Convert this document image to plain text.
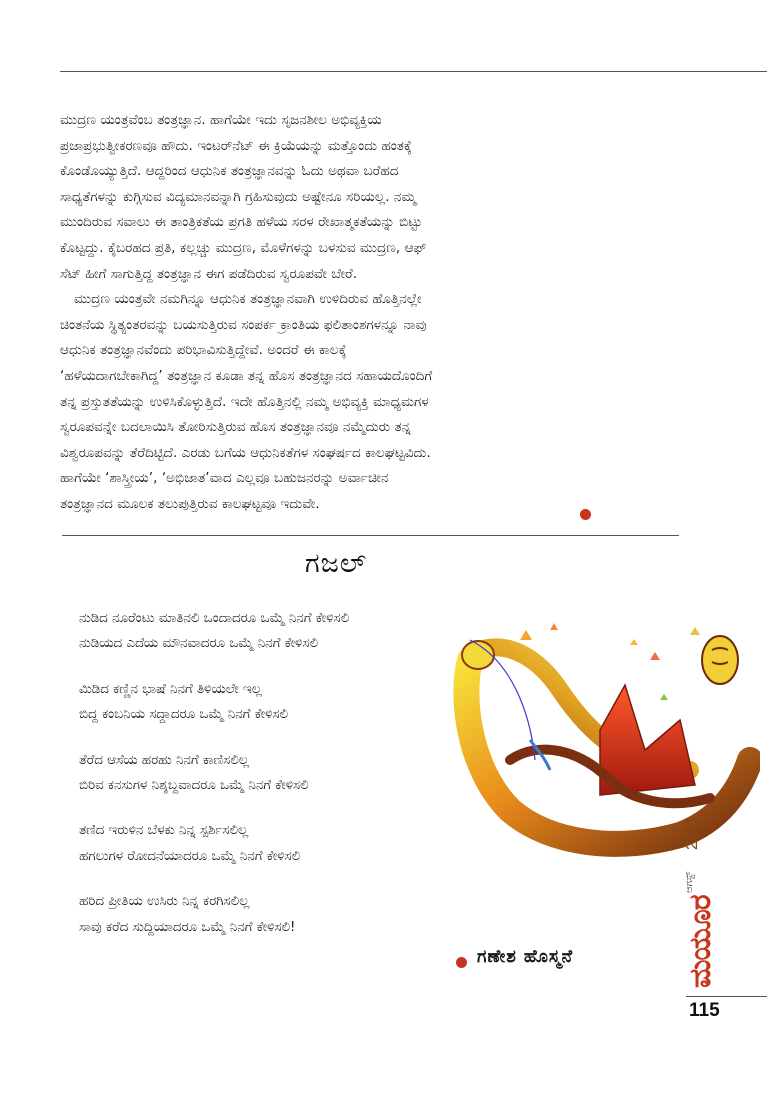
ಮುದ್ರಣ ಯಂತ್ರವೆಂಬ ತಂತ್ರಜ್ಞಾನ. ಹಾಗೆಯೇ ಇದು ಸೃಜನಶೀಲ ಅಭಿವ್ಯಕ್ತಿಯ
ಪ್ರಜಾಪ್ರಭುತ್ವೀಕರಣವೂ ಹೌದು. ಇಂಟರ್‌ನೆಟ್ ಈ ಕ್ರಿಯೆಯನ್ನು ಮತ್ತೊಂದು ಹಂತಕ್ಕೆ
ಕೊಂಡೊಯ್ಯುತ್ತಿದೆ. ಆದ್ದರಿಂದ ಆಧುನಿಕ ತಂತ್ರಜ್ಞಾನವನ್ನು ಓದು ಅಥವಾ ಬರೆಹದ
ಸಾಧ್ಯತೆಗಳನ್ನು ಕುಗ್ಗಿಸುವ ವಿದ್ಯಮಾನವನ್ನಾಗಿ ಗ್ರಹಿಸುವುದು ಅಷ್ಟೇನೂ ಸರಿಯಲ್ಲ. ನಮ್ಮ
ಮುಂದಿರುವ ಸವಾಲು ಈ ತಾಂತ್ರಿಕತೆಯ ಪ್ರಗತಿ ಹಳೆಯ ಸರಳ ರೇಖಾತ್ಮಕತೆಯನ್ನು ಬಿಟ್ಟು
ಕೊಟ್ಟದ್ದು. ಕೈಬರಹದ ಪ್ರತಿ, ಕಲ್ಲಚ್ಚು ಮುದ್ರಣ, ಮೊಳೆಗಳನ್ನು ಬಳಸುವ ಮುದ್ರಣ, ಆಫ್
ಸೆಟ್ ಹೀಗೆ ಸಾಗುತ್ತಿದ್ದ ತಂತ್ರಜ್ಞಾನ ಈಗ ಪಡೆದಿರುವ ಸ್ವರೂಪವೇ ಬೇರೆ.
ಮುದ್ರಣ ಯಂತ್ರವೇ ನಮಗಿನ್ನೂ ಆಧುನಿಕ ತಂತ್ರಜ್ಞಾನವಾಗಿ ಉಳಿದಿರುವ ಹೊತ್ತಿನಲ್ಲೇ
ಚಿಂತನೆಯ ಸ್ಥಿತ್ಯಂತರವನ್ನು ಬಯಸುತ್ತಿರುವ ಸಂಪರ್ಕ ಕ್ರಾಂತಿಯ ಫಲಿತಾಂಶಗಳನ್ನೂ ನಾವು
ಆಧುನಿಕ ತಂತ್ರಜ್ಞಾನವೆಂದು ಪರಿಭಾವಿಸುತ್ತಿದ್ದೇವೆ. ಅಂದರೆ ಈ ಕಾಲಕ್ಕೆ
‘ಹಳೆಯದಾಗಬೇಕಾಗಿದ್ದ’ ತಂತ್ರಜ್ಞಾನ ಕೂಡಾ ತನ್ನ ಹೊಸ ತಂತ್ರಜ್ಞಾನದ ಸಹಾಯದೊಂದಿಗೆ
ತನ್ನ ಪ್ರಸ್ತುತತೆಯನ್ನು ಉಳಿಸಿಕೊಳ್ಳುತ್ತಿದೆ. ಇದೇ ಹೊತ್ತಿನಲ್ಲಿ ನಮ್ಮ ಅಭಿವ್ಯಕ್ತಿ ಮಾಧ್ಯಮಗಳ
ಸ್ವರೂಪವನ್ನೇ ಬದಲಾಯಿಸಿ ತೋರಿಸುತ್ತಿರುವ ಹೊಸ ತಂತ್ರಜ್ಞಾನವೂ ನಮ್ಮೆದುರು ತನ್ನ
ವಿಶ್ವರೂಪವನ್ನು ತೆರೆದಿಟ್ಟಿದೆ. ಎರಡು ಬಗೆಯ ಆಧುನಿಕತೆಗಳ ಸಂಘರ್ಷದ ಕಾಲಘಟ್ಟವಿದು.
ಹಾಗೆಯೇ ‘ಶಾಸ್ತ್ರೀಯ’, ‘ಅಭಿಜಾತ’ವಾದ ಎಲ್ಲವೂ ಬಹುಜನರನ್ನು ಅರ್ವಾಚೀನ
ತಂತ್ರಜ್ಞಾನದ ಮೂಲಕ ತಲುಪುತ್ತಿರುವ ಕಾಲಘಟ್ಟವೂ ಇದುವೇ.
ಗಜಲ್
ನುಡಿದ ನೂರೆಂಟು ಮಾತಿನಲಿ ಒಂದಾದರೂ ಒಮ್ಮೆ ನಿನಗೆ ಕೇಳಿಸಲಿ
ನುಡಿಯದ ಎದೆಯ ಮೌನವಾದರೂ ಒಮ್ಮೆ ನಿನಗೆ ಕೇಳಿಸಲಿ
ಮಿಡಿದ ಕಣ್ಣಿನ ಭಾಷೆ ನಿನಗೆ ತಿಳಿಯಲೇ ಇಲ್ಲ
ಬಿದ್ದ ಕಂಬನಿಯ ಸದ್ದಾದರೂ ಒಮ್ಮೆ ನಿನಗೆ ಕೇಳಿಸಲಿ
ತೆರೆದ ಆಸೆಯ ಹರಹು ನಿನಗೆ ಕಾಣಿಸಲಿಲ್ಲ
ಬಿರಿವ ಕನಸುಗಳ ನಿಶ್ಶಬ್ದವಾದರೂ ಒಮ್ಮೆ ನಿನಗೆ ಕೇಳಿಸಲಿ
ತಣಿದ ಇರುಳಿನ ಬೆಳಕು ನಿನ್ನ ಸ್ಪರ್ಶಿಸಲಿಲ್ಲ
ಹಗಲುಗಳ ರೋದನೆಯಾದರೂ ಒಮ್ಮೆ ನಿನಗೆ ಕೇಳಿಸಲಿ
ಹರಿದ ಪ್ರೀತಿಯ ಉಸಿರು ನಿನ್ನ ಕರಗಿಸಲಿಲ್ಲ
ಸಾವು ಕರೆದ ಸುದ್ದಿಯಾದರೂ ಒಮ್ಮೆ ನಿನಗೆ ಕೇಳಿಸಲಿ!
2011
ಆಗಸ್ಟ್
ಮಯೂರ
ಗಣೇಶ ಹೊಸ್ಮನೆ
115
